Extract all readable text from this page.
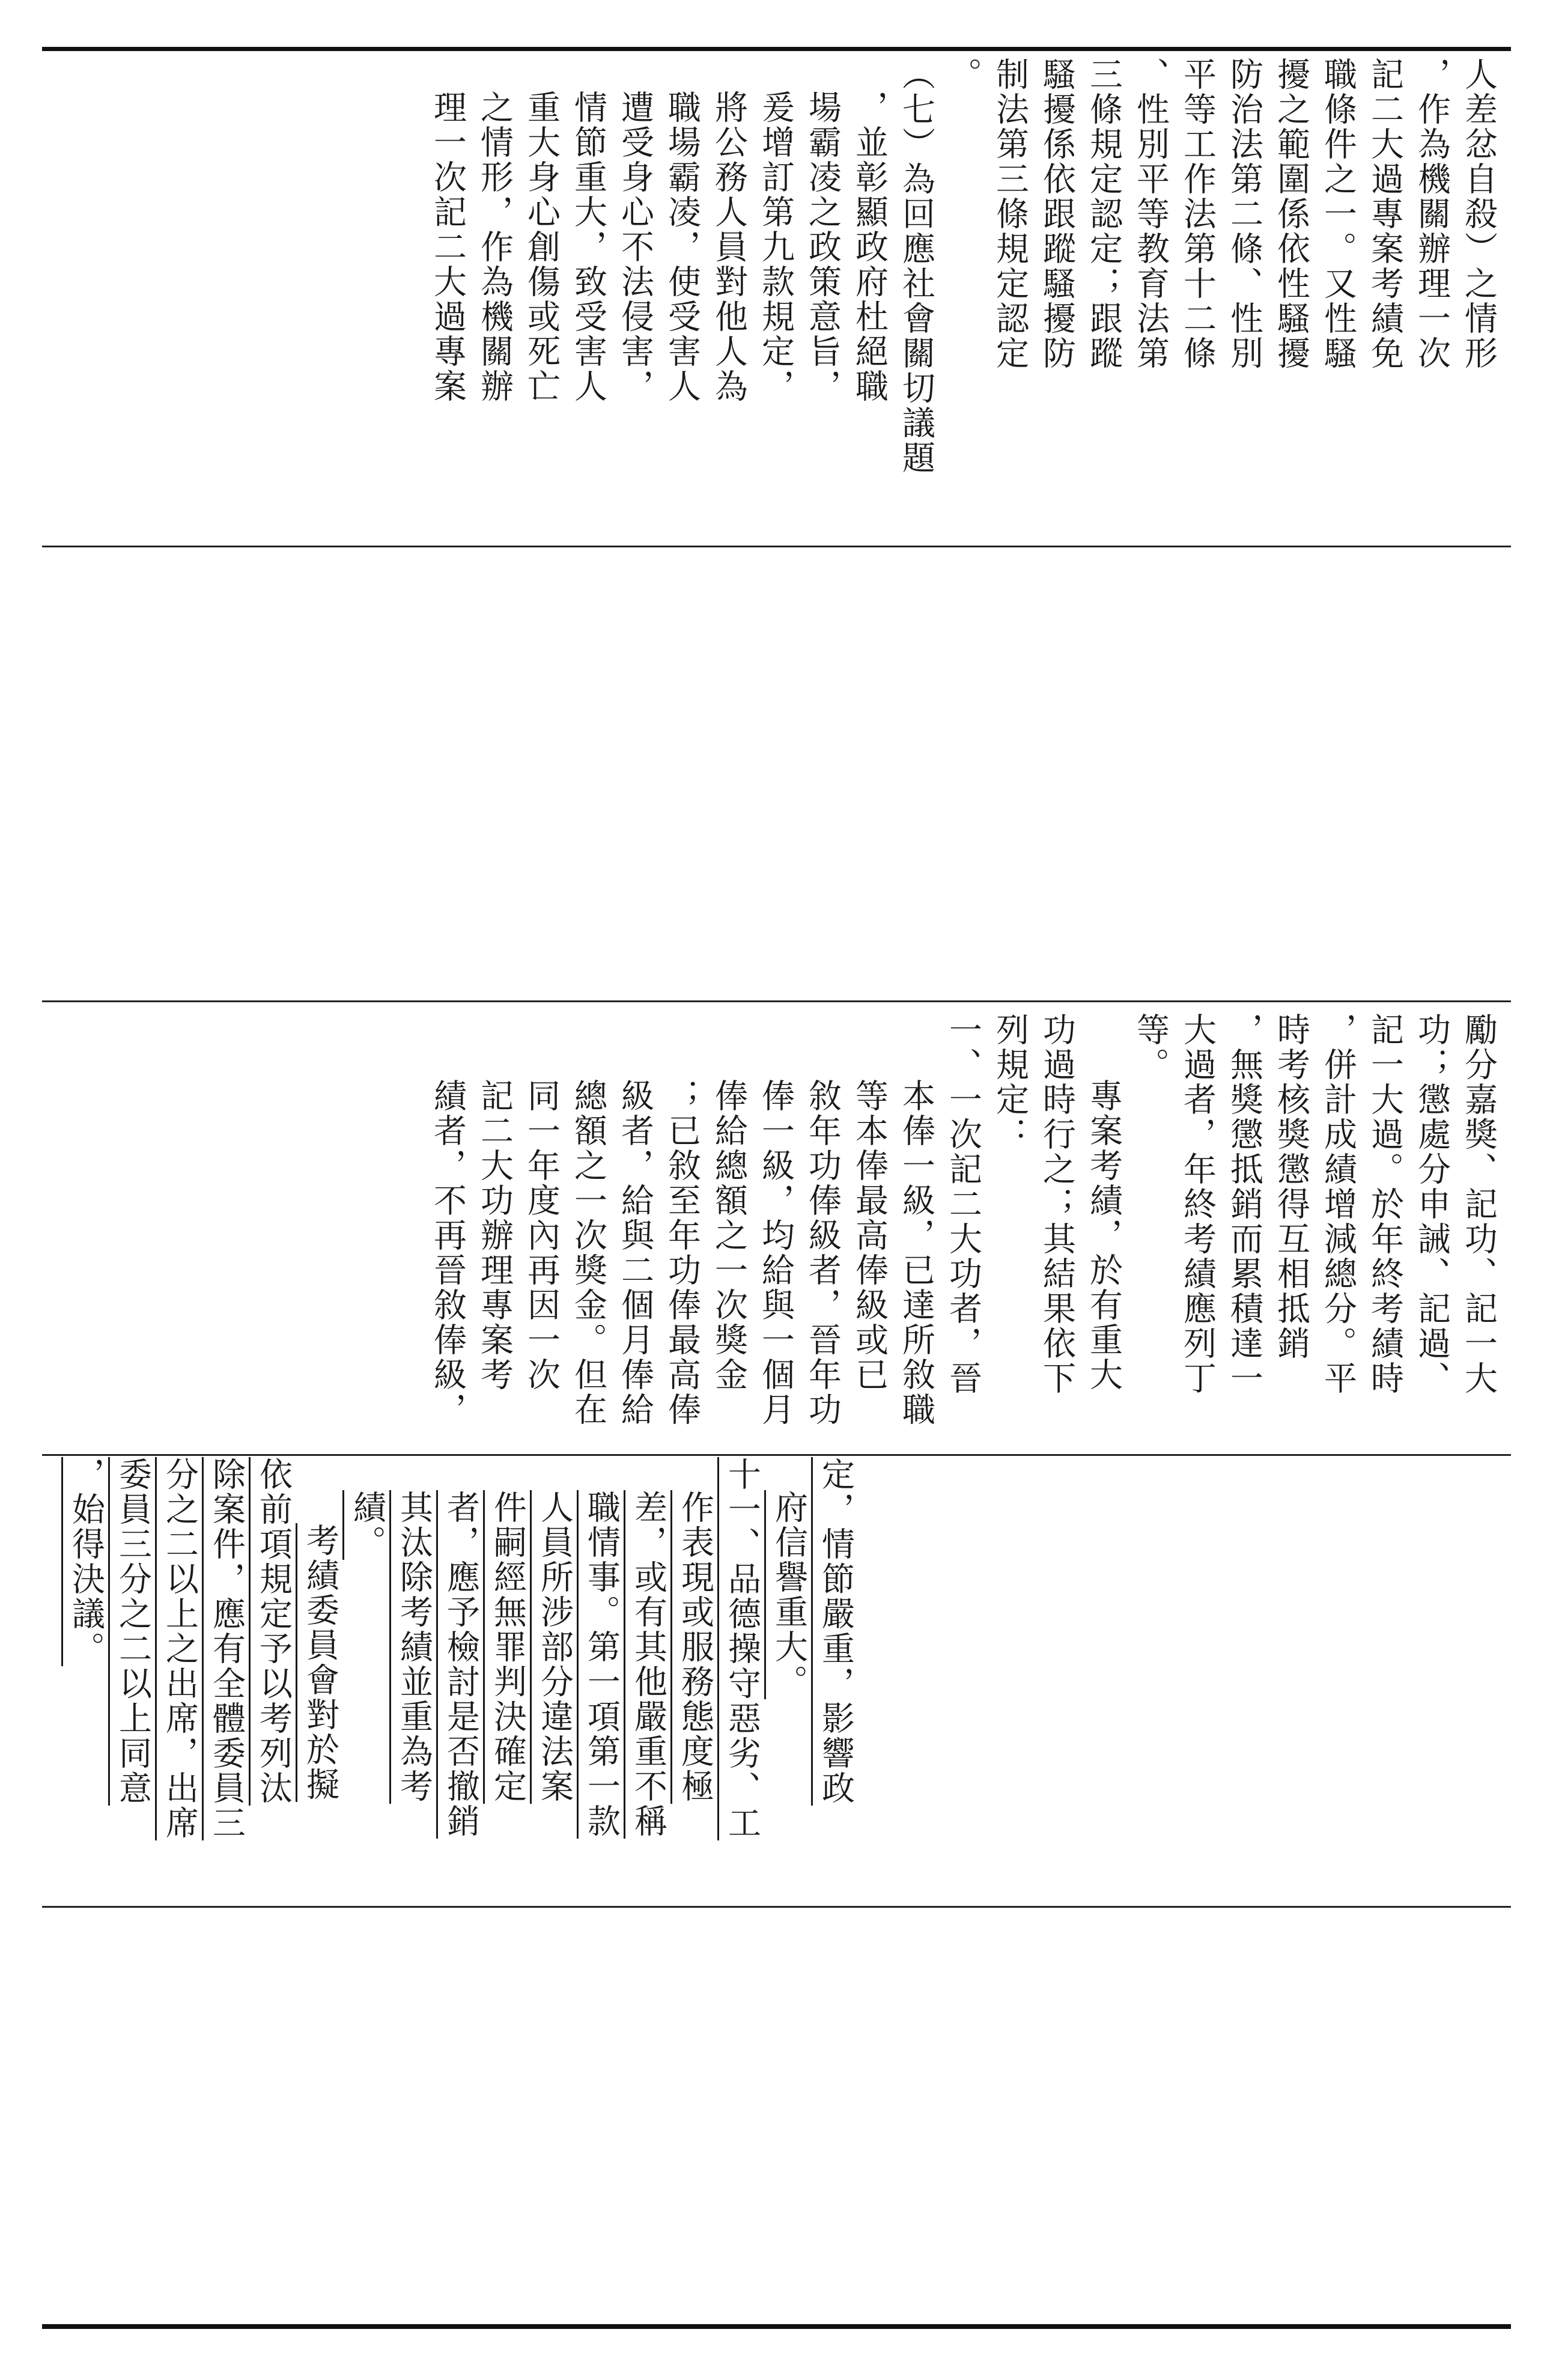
人差忿自殺）之情形

，作為機關辦理一次

記二大過專案考績免

職條件之一。又性騷

擾之範圍係依性騷擾

防治法第二條、性別

平等工作法第十二條

、性別平等教育法第

三條規定認定；跟蹤

騷擾係依跟蹤騷擾防

制法第三條規定認定

。

（七）為回應社會關切議題

，並彰顯政府杜絕職

場霸凌之政策意旨，

爰增訂第九款規定，

將公務人員對他人為

職場霸凌，使受害人

遭受身心不法侵害，

情節重大，致受害人

重大身心創傷或死亡

之情形，作為機關辦

理一次記二大過專案

定，情節嚴重，影響政

府信譽重大。

十一、品德操守惡劣、工

作表現或服務態度極

差，或有其他嚴重不稱

職情事。第一項第一款

人員所涉部分違法案

件嗣經無罪判決確定

者，應予檢討是否撤銷

其汰除考績並重為考

績。

考績委員會對於擬

依前項規定予以考列汰

除案件，應有全體委員三

分之二以上之出席，出席

委員三分之二以上同意

，始得決議。

勵分嘉獎、記功、記一大

功；懲處分申誡、記過、

記一大過。於年終考績時

，併計成績增減總分。平

時考核獎懲得互相抵銷

，無獎懲抵銷而累積達一

大過者，年終考績應列丁

等。

專案考績，於有重大

功過時行之；其結果依下

列規定：

一、一次記二大功者，晉

本俸一級，已達所敘職

等本俸最高俸級或已

敘年功俸級者，晉年功

俸一級，均給與一個月

俸給總額之一次獎金

；已敘至年功俸最高俸

級者，給與二個月俸給

總額之一次獎金。但在

同一年度內再因一次

記二大功辦理專案考

績者，不再晉敘俸級，
